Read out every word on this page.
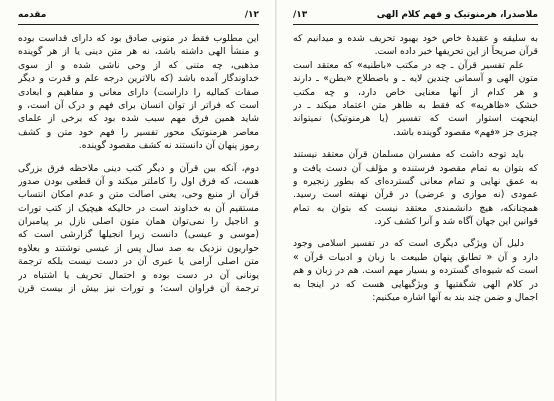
۱۲/
مقدمه
این مطلوب فقط در متونی صادق بود که دارای قداست بوده
و منشأ الهی داشته باشد، نه هر متن دینی یا از هر گوینده
مذهبی، چه متنی که از وحی ناشی شده و از سوی
خداوندگار آمده باشد (که بالاترین درجه علم و قدرت و دیگر
صفات کمالیه را داراست) دارای معانی و مفاهیم و ابعادی
است که فراتر از توان انسان برای فهم و درک آن است، و
شاید همین فرق مهم سبب شده بود که برخی از علمای
معاصر هرمنوتیک محور تفسیر را فهم خود متن و کشف
رموز پنهان آن دانستند نه کشف مقصود گوینده.
دوم، آنکه بین قرآن و دیگر کتب دینی ملاحظه فرق بزرگی
هست، که فرق اول را کاملتر میکند و آن قطعی بودن صدور
قرآن از منبع وحی، یعنی اصالت متن و عدم امکان انتساب
مستقیم آن به خداوند است در حالیکه هیچیک از کتب تورات
و اناجیل را نمی‌توان همان متون اصلی نازل بر پیامبران
(موسی و عیسی) دانست زیرا انجیلها گزارشی است که
حواریون نزدیک به صد سال پس از عیسی نوشتند و بعلاوه
متن اصلی آرامی یا عبری آن در دست نیست بلکه ترجمة
یونانی آن در دست بوده و احتمال تحریف یا اشتباه در
ترجمة آن فراوان است؛ و تورات نیز بیش از بیست قرن
ملاصدرا، هرمنوتیک و فهم کلام الهی
۱۳/
به سلیقه و عقیدهٔ خاص خود بهبود تحریف شده و میدانیم که
قرآن صریحاً از این تحریفها خبر داده است.
علم تفسیر قرآن ـ چه در مکتب «باطنیه» که معتقد است
متون الهی و آسمانی چندین لایه ـ و باصطلاح «بطن» ـ دارند
و هر کدام از آنها معنایی خاص دارد، و چه مکتب
خشک «ظاهریه» که فقط به ظاهر متن اعتماد میکند ـ در
اینجهت استوار است که تفسیر (یا هرمنوتیک) نمیتواند
چیزی جز «فهم» مقصود گوینده باشد.
باید توجه داشت که مفسران مسلمان قرآن معتقد نیستند
که بتوان به تمام مقصود فرستنده و مؤلف آن دست یافت و
به عمق نهایی و تمام معانی گسترده‌ای که بطور زنجیره و
عمودی (نه موازی و عرضی) در قرآن نهفته است رسید.
همچنانکه، هیچ دانشمندی معتقد نیست که بتوان به تمام
قوانین این جهان آگاه شد و آنرا کشف کرد.
دلیل آن ویژگی دیگری است که در تفسیر اسلامی وجود
دارد و آن « تطابق پنهان طبیعت با زبان و ادبیات قرآن »
است که شیوه‌ای گسترده و بسیار مهم است. هم در زبان و هم
در کلام الهی شگفتیها و ویژگیهایی هست که در اینجا به
اجمال و ضمن چند بند به آنها اشاره میکنیم:
